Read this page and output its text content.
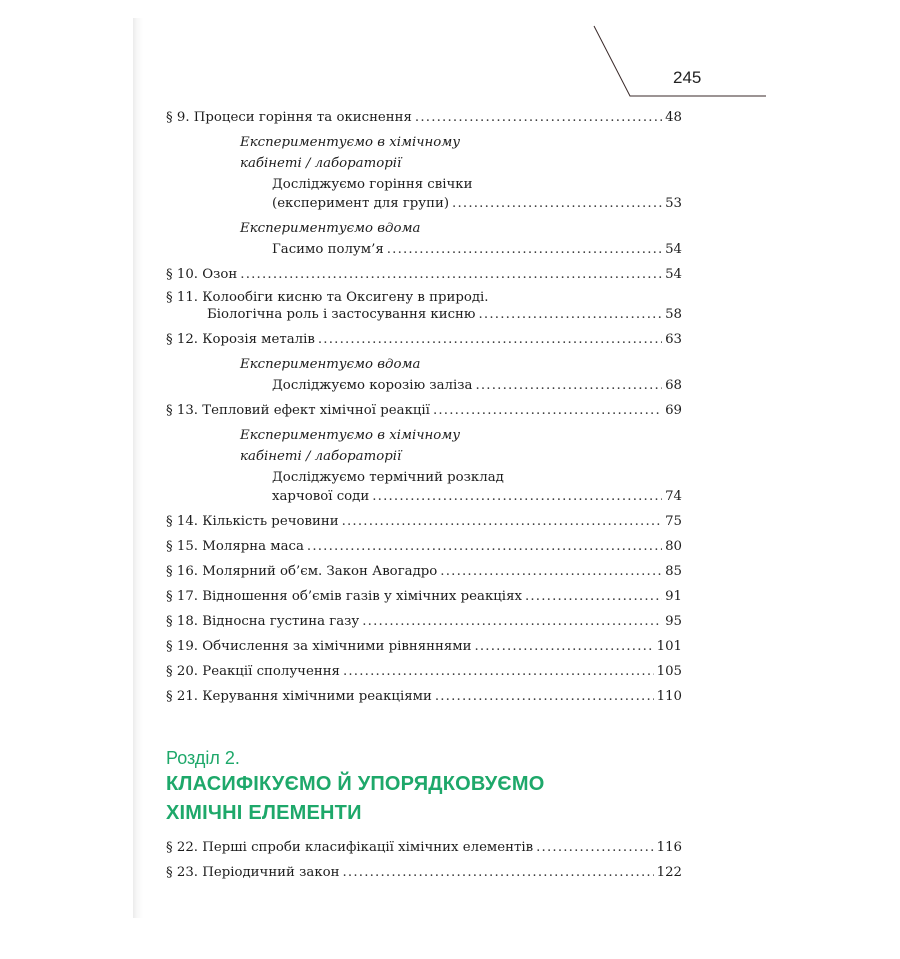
245
§ 9. Процеси горіння та окиснення .....	48
Експериментуємо в хімічному
кабінеті / лабораторії
Досліджуємо горіння свічки
(експеримент для групи) .....	53
Експериментуємо вдома
Гасимо полум’я .....	54
§ 10. Озон .....	54
§ 11. Колообіги кисню та Оксигену в природі.
Біологічна роль і застосування кисню .....	58
§ 12. Корозія металів .....	63
Експериментуємо вдома
Досліджуємо корозію заліза .....	68
§ 13. Тепловий ефект хімічної реакції .....	69
Експериментуємо в хімічному
кабінеті / лабораторії
Досліджуємо термічний розклад
харчової соди .....	74
§ 14. Кількість речовини .....	75
§ 15. Молярна маса .....	80
§ 16. Молярний об’єм. Закон Авогадро .....	85
§ 17. Відношення об’ємів газів у хімічних реакціях .....	91
§ 18. Відносна густина газу .....	95
§ 19. Обчислення за хімічними рівняннями .....	101
§ 20. Реакції сполучення .....	105
§ 21. Керування хімічними реакціями .....	110
Розділ 2.
КЛАСИФІКУЄМО Й УПОРЯДКОВУЄМО
ХІМІЧНІ ЕЛЕМЕНТИ
§ 22. Перші спроби класифікації хімічних елементів .....	116
§ 23. Періодичний закон .....	122
